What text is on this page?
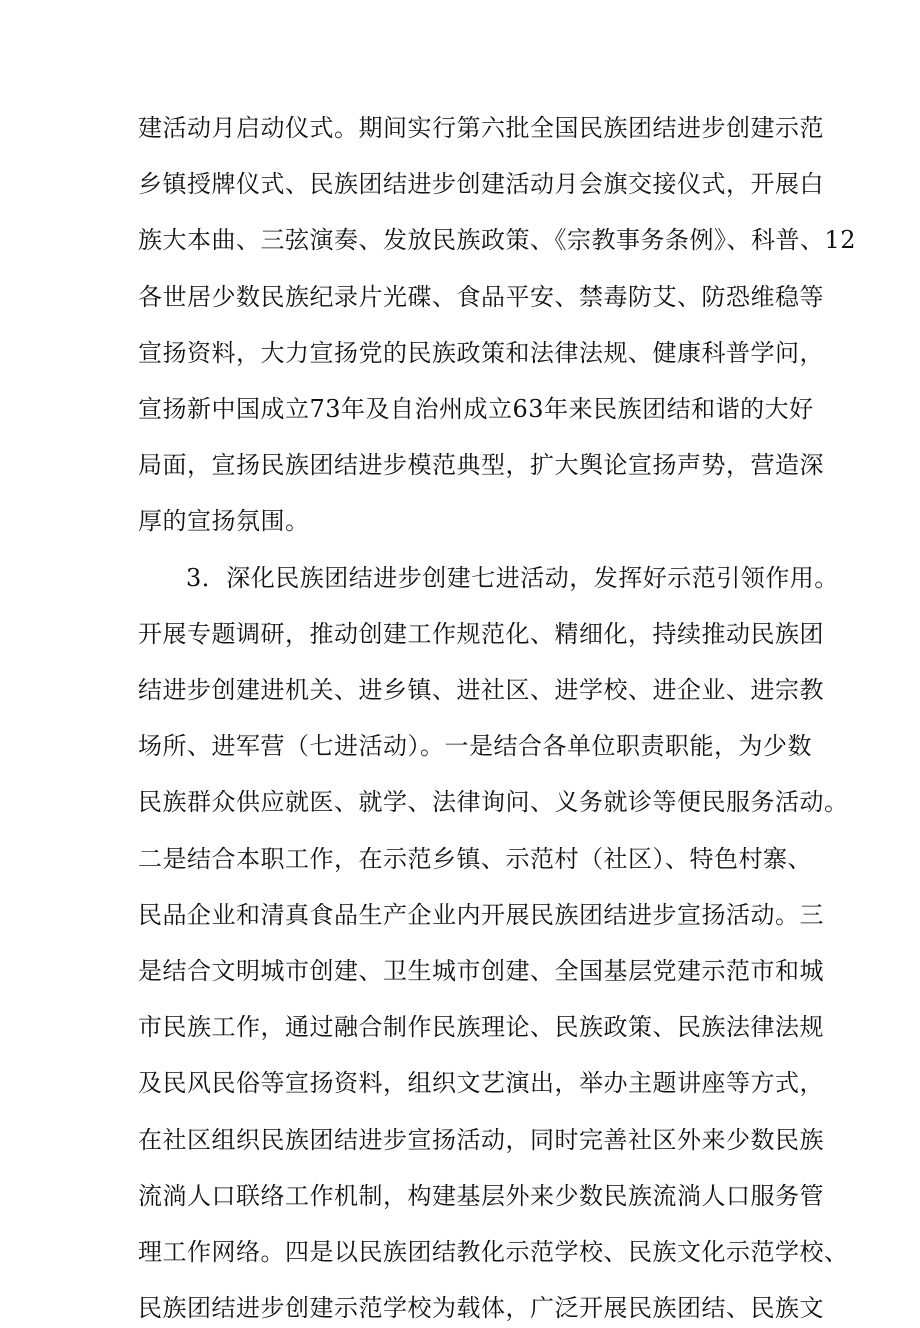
建活动月启动仪式。期间实行第六批全国民族团结进步创建示范
乡镇授牌仪式、民族团结进步创建活动月会旗交接仪式，开展白
族大本曲、三弦演奏、发放民族政策、《宗教事务条例》、科普、12
各世居少数民族纪录片光碟、食品平安、禁毒防艾、防恐维稳等
宣扬资料，大力宣扬党的民族政策和法律法规、健康科普学问，
宣扬新中国成立73年及自治州成立63年来民族团结和谐的大好
局面，宣扬民族团结进步模范典型，扩大舆论宣扬声势，营造深
厚的宣扬氛围。
3．深化民族团结进步创建七进活动，发挥好示范引领作用。
开展专题调研，推动创建工作规范化、精细化，持续推动民族团
结进步创建进机关、进乡镇、进社区、进学校、进企业、进宗教
场所、进军营（七进活动）。一是结合各单位职责职能，为少数
民族群众供应就医、就学、法律询问、义务就诊等便民服务活动。
二是结合本职工作，在示范乡镇、示范村（社区）、特色村寨、
民品企业和清真食品生产企业内开展民族团结进步宣扬活动。三
是结合文明城市创建、卫生城市创建、全国基层党建示范市和城
市民族工作，通过融合制作民族理论、民族政策、民族法律法规
及民风民俗等宣扬资料，组织文艺演出，举办主题讲座等方式，
在社区组织民族团结进步宣扬活动，同时完善社区外来少数民族
流淌人口联络工作机制，构建基层外来少数民族流淌人口服务管
理工作网络。四是以民族团结教化示范学校、民族文化示范学校、
民族团结进步创建示范学校为载体，广泛开展民族团结、民族文
